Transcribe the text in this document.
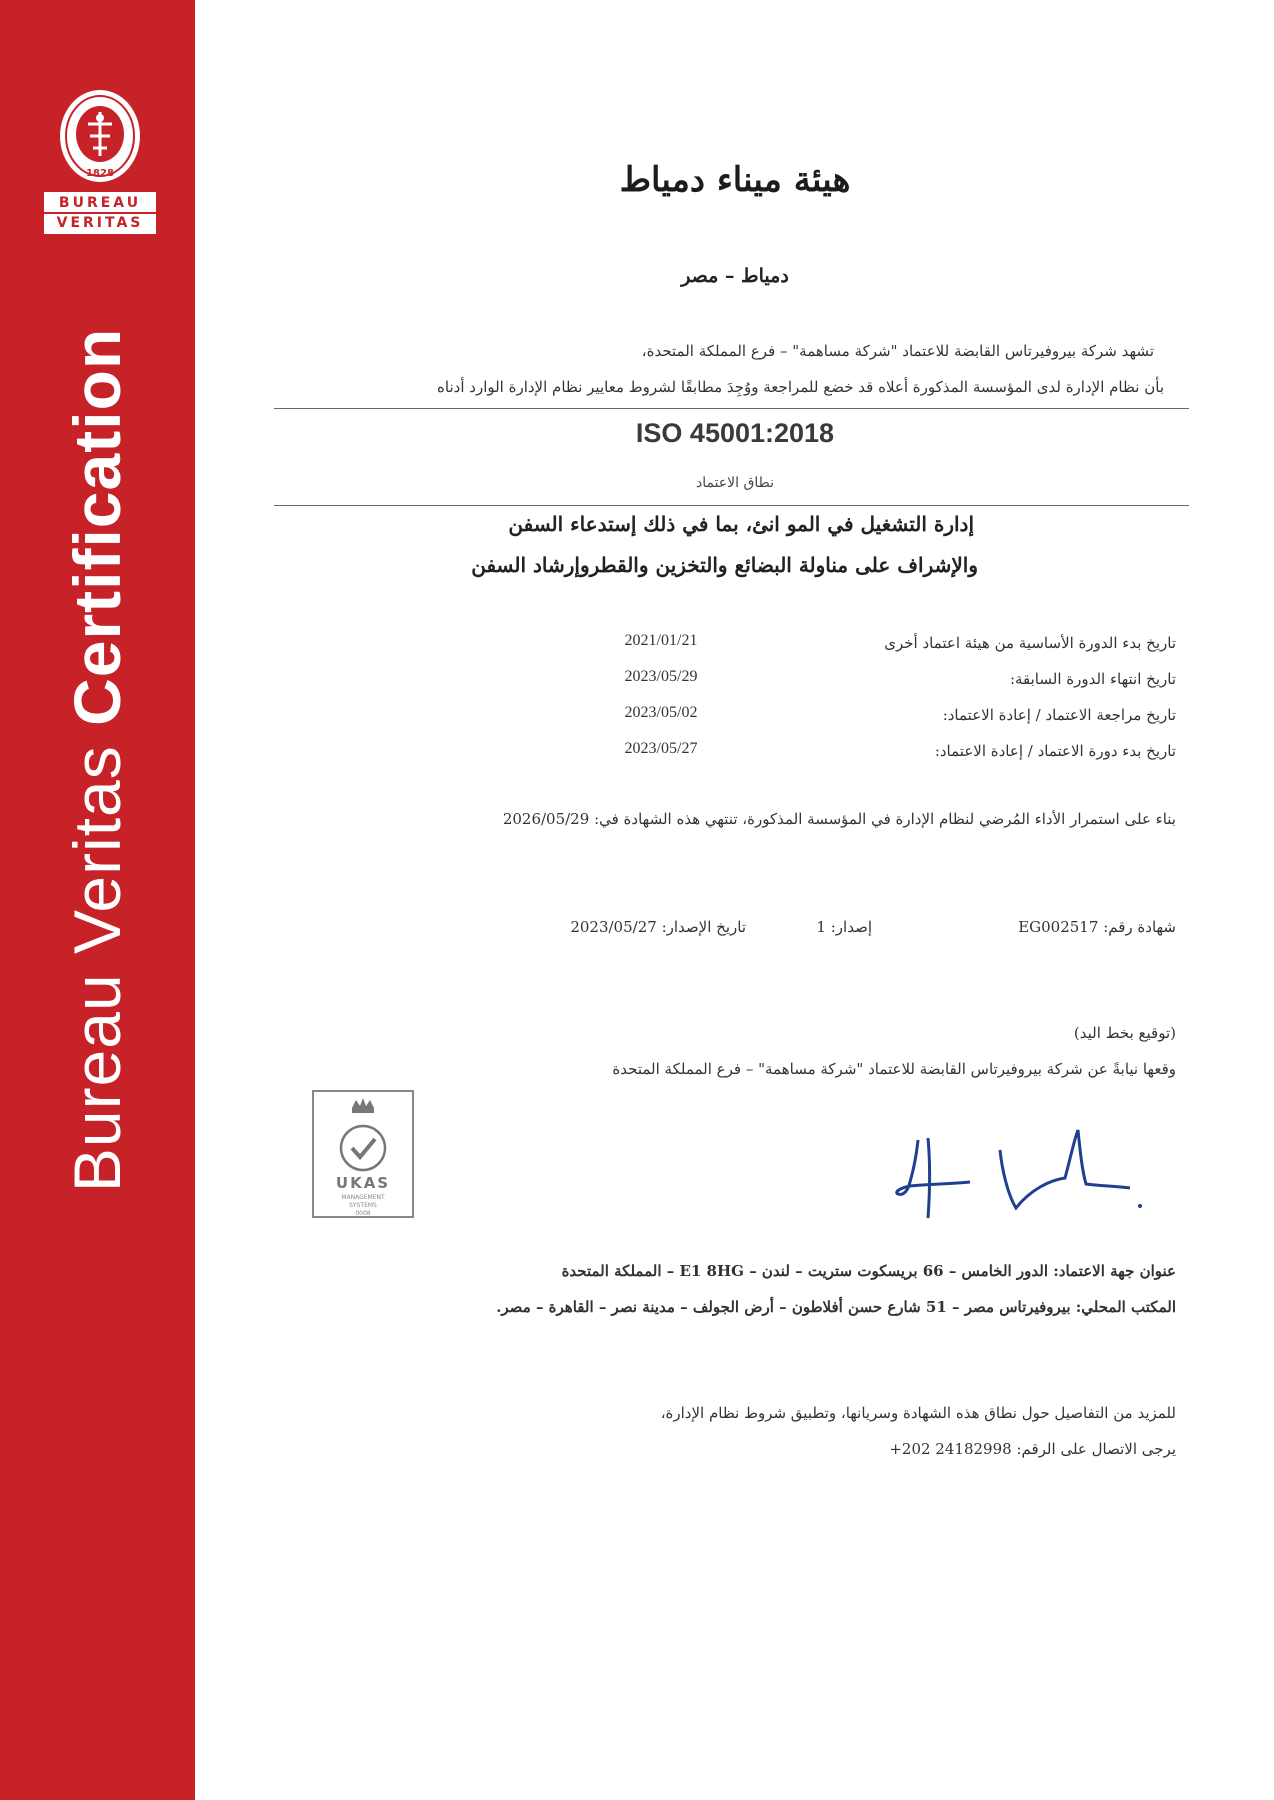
1828
BUREAU
VERITAS
Bureau Veritas Certification
هيئة ميناء دمياط
دمياط – مصر
تشهد شركة بيروفيرتاس القابضة للاعتماد "شركة مساهمة" – فرع المملكة المتحدة،
بأن نظام الإدارة لدى المؤسسة المذكورة أعلاه قد خضع للمراجعة ووُجِدَ مطابقًا لشروط معايير نظام الإدارة الوارد أدناه
ISO 45001:2018
نطاق الاعتماد
إدارة التشغيل في المو انئ، بما في ذلك إستدعاء السفن
والإشراف على مناولة البضائع والتخزين والقطروإرشاد السفن
تاريخ بدء الدورة الأساسية من هيئة اعتماد أخرى
2021/01/21
تاريخ انتهاء الدورة السابقة:
2023/05/29
تاريخ مراجعة الاعتماد / إعادة الاعتماد:
2023/05/02
تاريخ بدء دورة الاعتماد / إعادة الاعتماد:
2023/05/27
بناء على استمرار الأداء المُرضي لنظام الإدارة في المؤسسة المذكورة، تنتهي هذه الشهادة في: 2026/05/29
شهادة رقم: EG002517
إصدار: 1
تاريخ الإصدار: 2023/05/27
(توقيع بخط اليد)
وقعها نيابةً عن شركة بيروفيرتاس القابضة للاعتماد "شركة مساهمة" – فرع المملكة المتحدة
UKAS
MANAGEMENT
SYSTEMS
0008
عنوان جهة الاعتماد: الدور الخامس – 66 بريسكوت ستريت – لندن – E1 8HG – المملكة المتحدة
المكتب المحلي: بيروفيرتاس مصر – 51 شارع حسن أفلاطون – أرض الجولف – مدينة نصر – القاهرة – مصر.
للمزيد من التفاصيل حول نطاق هذه الشهادة وسريانها، وتطبيق شروط نظام الإدارة،
يرجى الاتصال على الرقم: +202 24182998
